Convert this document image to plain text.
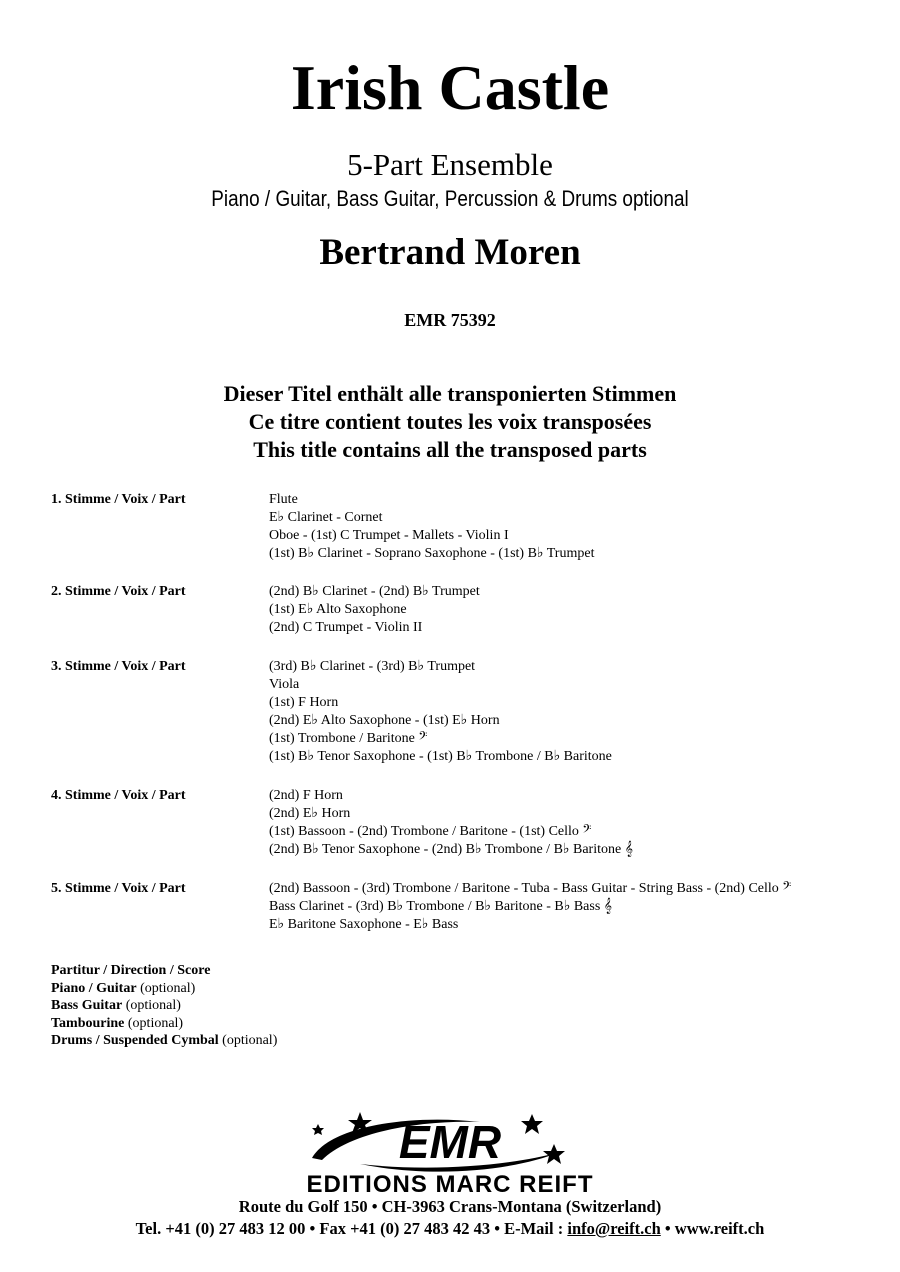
Irish Castle
5-Part Ensemble
Piano / Guitar, Bass Guitar, Percussion & Drums optional
Bertrand Moren
EMR 75392
Dieser Titel enthält alle transponierten Stimmen
Ce titre contient toutes les voix transposées
This title contains all the transposed parts
1. Stimme / Voix / Part	Flute
E♭ Clarinet - Cornet
Oboe - (1st) C Trumpet - Mallets - Violin I
(1st) B♭ Clarinet - Soprano Saxophone - (1st) B♭ Trumpet
2. Stimme / Voix / Part	(2nd) B♭ Clarinet - (2nd) B♭ Trumpet
(1st) E♭ Alto Saxophone
(2nd) C Trumpet - Violin II
3. Stimme / Voix / Part	(3rd) B♭ Clarinet - (3rd) B♭ Trumpet
Viola
(1st) F Horn
(2nd) E♭ Alto Saxophone - (1st) E♭ Horn
(1st) Trombone / Baritone 𝄢
(1st) B♭ Tenor Saxophone - (1st) B♭ Trombone / B♭ Baritone
4. Stimme / Voix / Part	(2nd) F Horn
(2nd) E♭ Horn
(1st) Bassoon - (2nd) Trombone / Baritone - (1st) Cello 𝄢
(2nd) B♭ Tenor Saxophone - (2nd) B♭ Trombone / B♭ Baritone 𝄞
5. Stimme / Voix / Part	(2nd) Bassoon - (3rd) Trombone / Baritone - Tuba - Bass Guitar - String Bass - (2nd) Cello 𝄢
Bass Clarinet - (3rd) B♭ Trombone / B♭ Baritone - B♭ Bass 𝄞
E♭ Baritone Saxophone - E♭ Bass
Partitur / Direction / Score
Piano / Guitar (optional)
Bass Guitar (optional)
Tambourine (optional)
Drums / Suspended Cymbal (optional)
EMR
EDITIONS MARC REIFT
Route du Golf 150 • CH-3963 Crans-Montana (Switzerland)
Tel. +41 (0) 27 483 12 00 • Fax +41 (0) 27 483 42 43 • E-Mail : info@reift.ch • www.reift.ch
